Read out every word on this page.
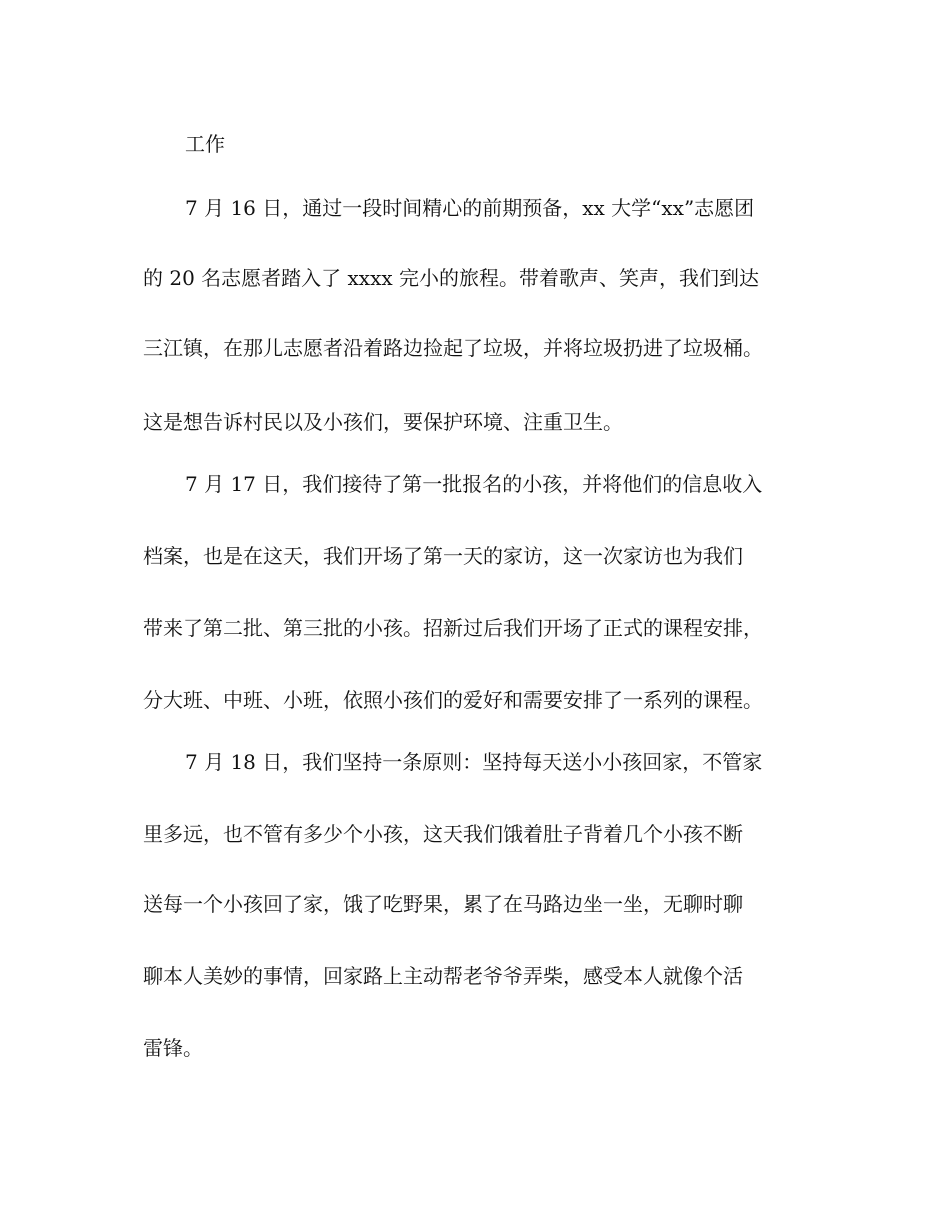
工作
7 月 16 日，通过一段时间精心的前期预备，xx 大学“xx”志愿团
的 20 名志愿者踏入了 xxxx 完小的旅程。带着歌声、笑声，我们到达
三江镇，在那儿志愿者沿着路边捡起了垃圾，并将垃圾扔进了垃圾桶。
这是想告诉村民以及小孩们，要保护环境、注重卫生。
7 月 17 日，我们接待了第一批报名的小孩，并将他们的信息收入
档案，也是在这天，我们开场了第一天的家访，这一次家访也为我们
带来了第二批、第三批的小孩。招新过后我们开场了正式的课程安排，
分大班、中班、小班，依照小孩们的爱好和需要安排了一系列的课程。
7 月 18 日，我们坚持一条原则：坚持每天送小小孩回家，不管家
里多远，也不管有多少个小孩，这天我们饿着肚子背着几个小孩不断
送每一个小孩回了家，饿了吃野果，累了在马路边坐一坐，无聊时聊
聊本人美妙的事情，回家路上主动帮老爷爷弄柴，感受本人就像个活
雷锋。
